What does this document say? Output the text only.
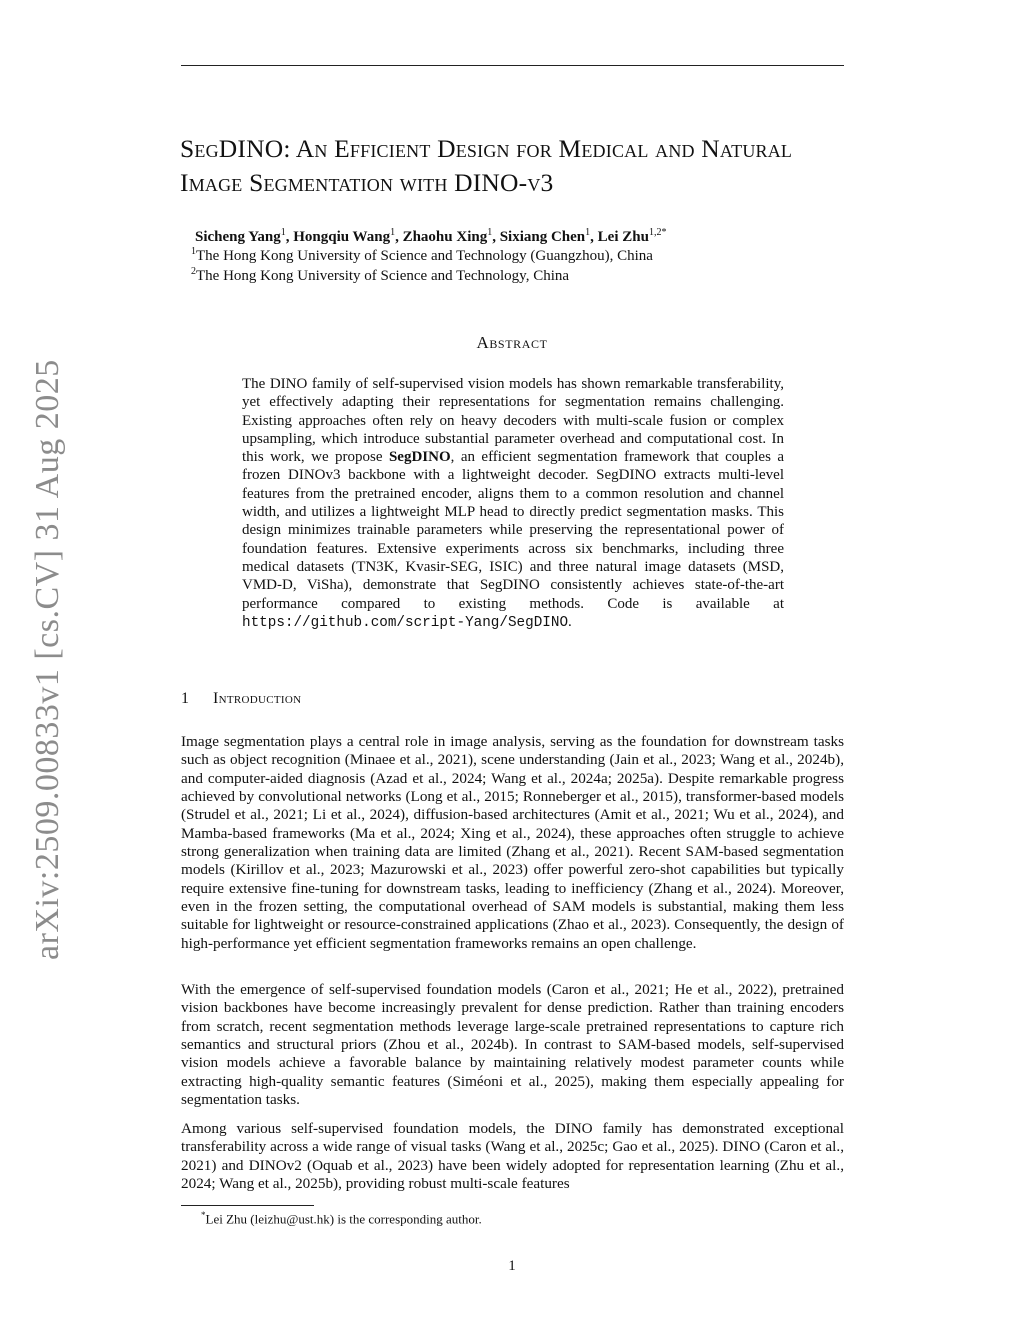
arXiv:2509.00833v1 [cs.CV] 31 Aug 2025
SegDINO: An Efficient Design for Medical and Natural Image Segmentation with DINO-v3
Sicheng Yang$^1$, Hongqiu Wang$^1$, Zhaohu Xing$^1$, Sixiang Chen$^1$, Lei Zhu$^{1,2*}$
$^1$The Hong Kong University of Science and Technology (Guangzhou), China
$^2$The Hong Kong University of Science and Technology, China
Abstract
The DINO family of self-supervised vision models has shown remarkable transferability, yet effectively adapting their representations for segmentation remains challenging. Existing approaches often rely on heavy decoders with multi-scale fusion or complex upsampling, which introduce substantial parameter overhead and computational cost. In this work, we propose SegDINO, an efficient segmentation framework that couples a frozen DINOv3 backbone with a lightweight decoder. SegDINO extracts multi-level features from the pretrained encoder, aligns them to a common resolution and channel width, and utilizes a lightweight MLP head to directly predict segmentation masks. This design minimizes trainable parameters while preserving the representational power of foundation features. Extensive experiments across six benchmarks, including three medical datasets (TN3K, Kvasir-SEG, ISIC) and three natural image datasets (MSD, VMD-D, ViSha), demonstrate that SegDINO consistently achieves state-of-the-art performance compared to existing methods. Code is available at https://github.com/script-Yang/SegDINO.
1 Introduction
Image segmentation plays a central role in image analysis, serving as the foundation for downstream tasks such as object recognition (Minaee et al., 2021), scene understanding (Jain et al., 2023; Wang et al., 2024b), and computer-aided diagnosis (Azad et al., 2024; Wang et al., 2024a; 2025a). Despite remarkable progress achieved by convolutional networks (Long et al., 2015; Ronneberger et al., 2015), transformer-based models (Strudel et al., 2021; Li et al., 2024), diffusion-based architectures (Amit et al., 2021; Wu et al., 2024), and Mamba-based frameworks (Ma et al., 2024; Xing et al., 2024), these approaches often struggle to achieve strong generalization when training data are limited (Zhang et al., 2021). Recent SAM-based segmentation models (Kirillov et al., 2023; Mazurowski et al., 2023) offer powerful zero-shot capabilities but typically require extensive fine-tuning for downstream tasks, leading to inefficiency (Zhang et al., 2024). Moreover, even in the frozen setting, the computational overhead of SAM models is substantial, making them less suitable for lightweight or resource-constrained applications (Zhao et al., 2023). Consequently, the design of high-performance yet efficient segmentation frameworks remains an open challenge.
With the emergence of self-supervised foundation models (Caron et al., 2021; He et al., 2022), pretrained vision backbones have become increasingly prevalent for dense prediction. Rather than training encoders from scratch, recent segmentation methods leverage large-scale pretrained representations to capture rich semantics and structural priors (Zhou et al., 2024b). In contrast to SAM-based models, self-supervised vision models achieve a favorable balance by maintaining relatively modest parameter counts while extracting high-quality semantic features (Siméoni et al., 2025), making them especially appealing for segmentation tasks.
Among various self-supervised foundation models, the DINO family has demonstrated exceptional transferability across a wide range of visual tasks (Wang et al., 2025c; Gao et al., 2025). DINO (Caron et al., 2021) and DINOv2 (Oquab et al., 2023) have been widely adopted for representation learning (Zhu et al., 2024; Wang et al., 2025b), providing robust multi-scale features
*Lei Zhu (leizhu@ust.hk) is the corresponding author.
1
